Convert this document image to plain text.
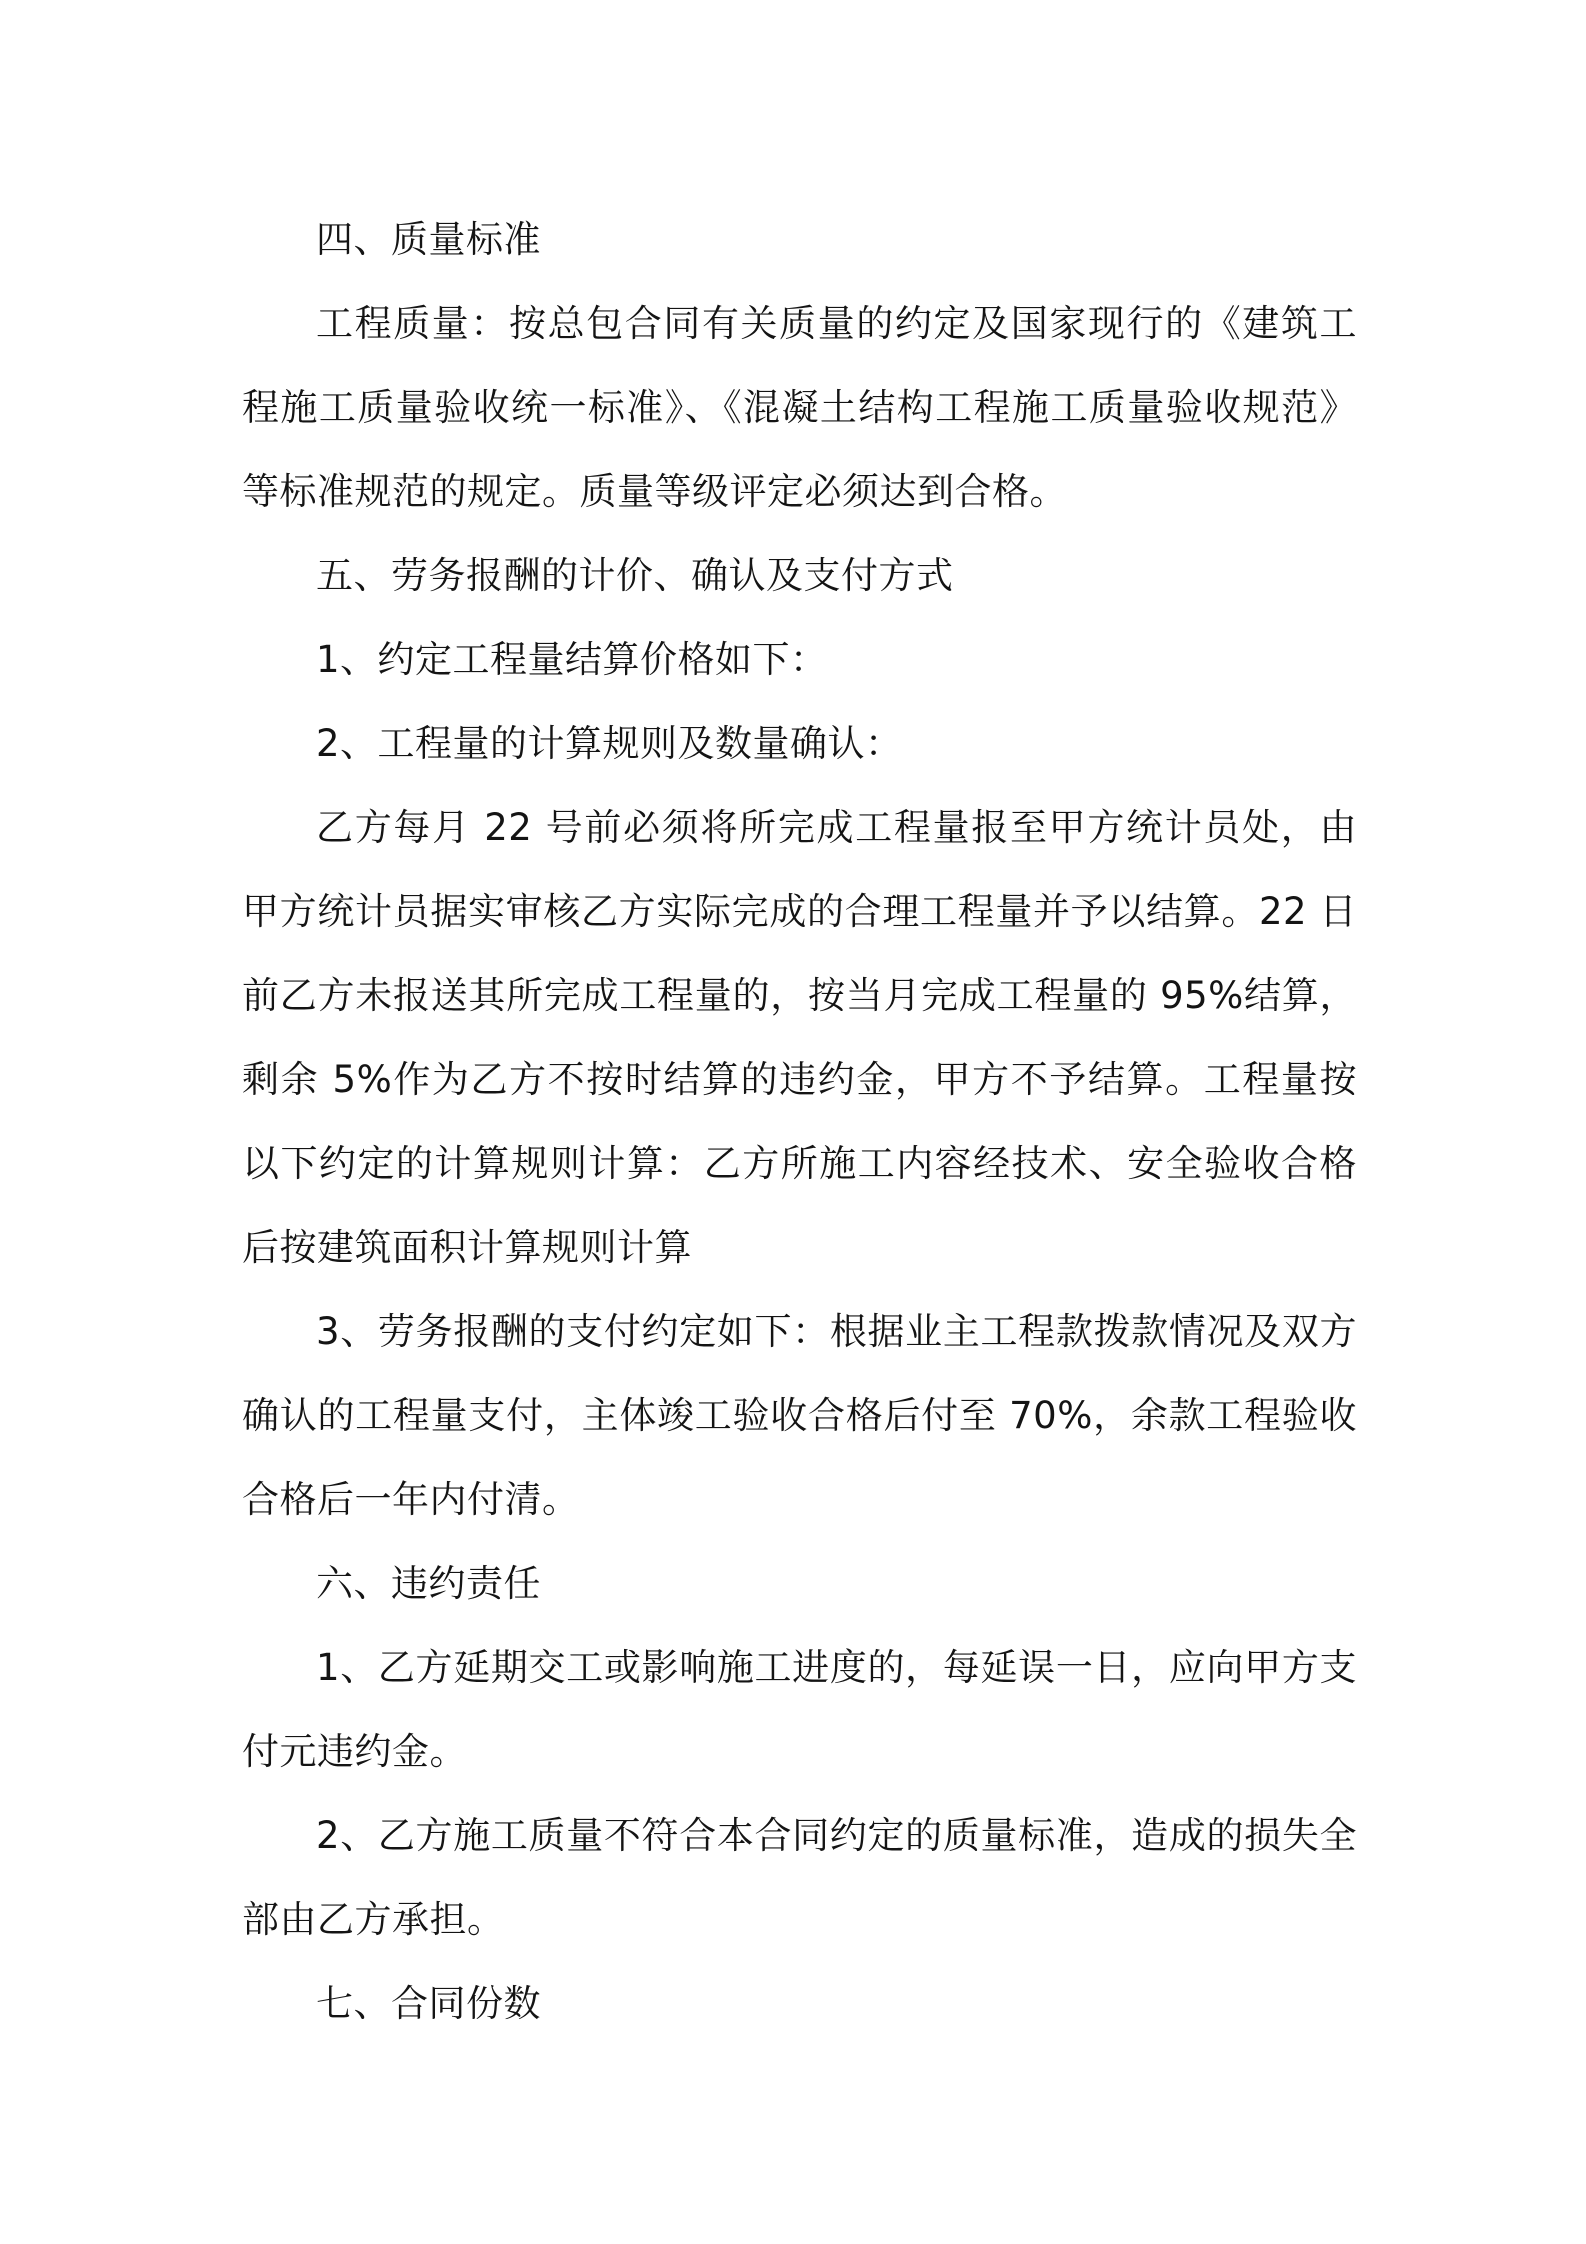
四、质量标准

工程质量：按总包合同有关质量的约定及国家现行的《建筑工程施工质量验收统一标准》、《混凝土结构工程施工质量验收规范》等标准规范的规定。质量等级评定必须达到合格。

五、劳务报酬的计价、确认及支付方式

1、约定工程量结算价格如下：

2、工程量的计算规则及数量确认：

乙方每月 22 号前必须将所完成工程量报至甲方统计员处，由甲方统计员据实审核乙方实际完成的合理工程量并予以结算。22 日前乙方未报送其所完成工程量的，按当月完成工程量的 95%结算，剩余 5%作为乙方不按时结算的违约金，甲方不予结算。工程量按以下约定的计算规则计算：乙方所施工内容经技术、安全验收合格后按建筑面积计算规则计算

3、劳务报酬的支付约定如下：根据业主工程款拨款情况及双方确认的工程量支付，主体竣工验收合格后付至 70%，余款工程验收合格后一年内付清。

六、违约责任

1、乙方延期交工或影响施工进度的，每延误一日，应向甲方支付元违约金。

2、乙方施工质量不符合本合同约定的质量标准，造成的损失全部由乙方承担。

七、合同份数
